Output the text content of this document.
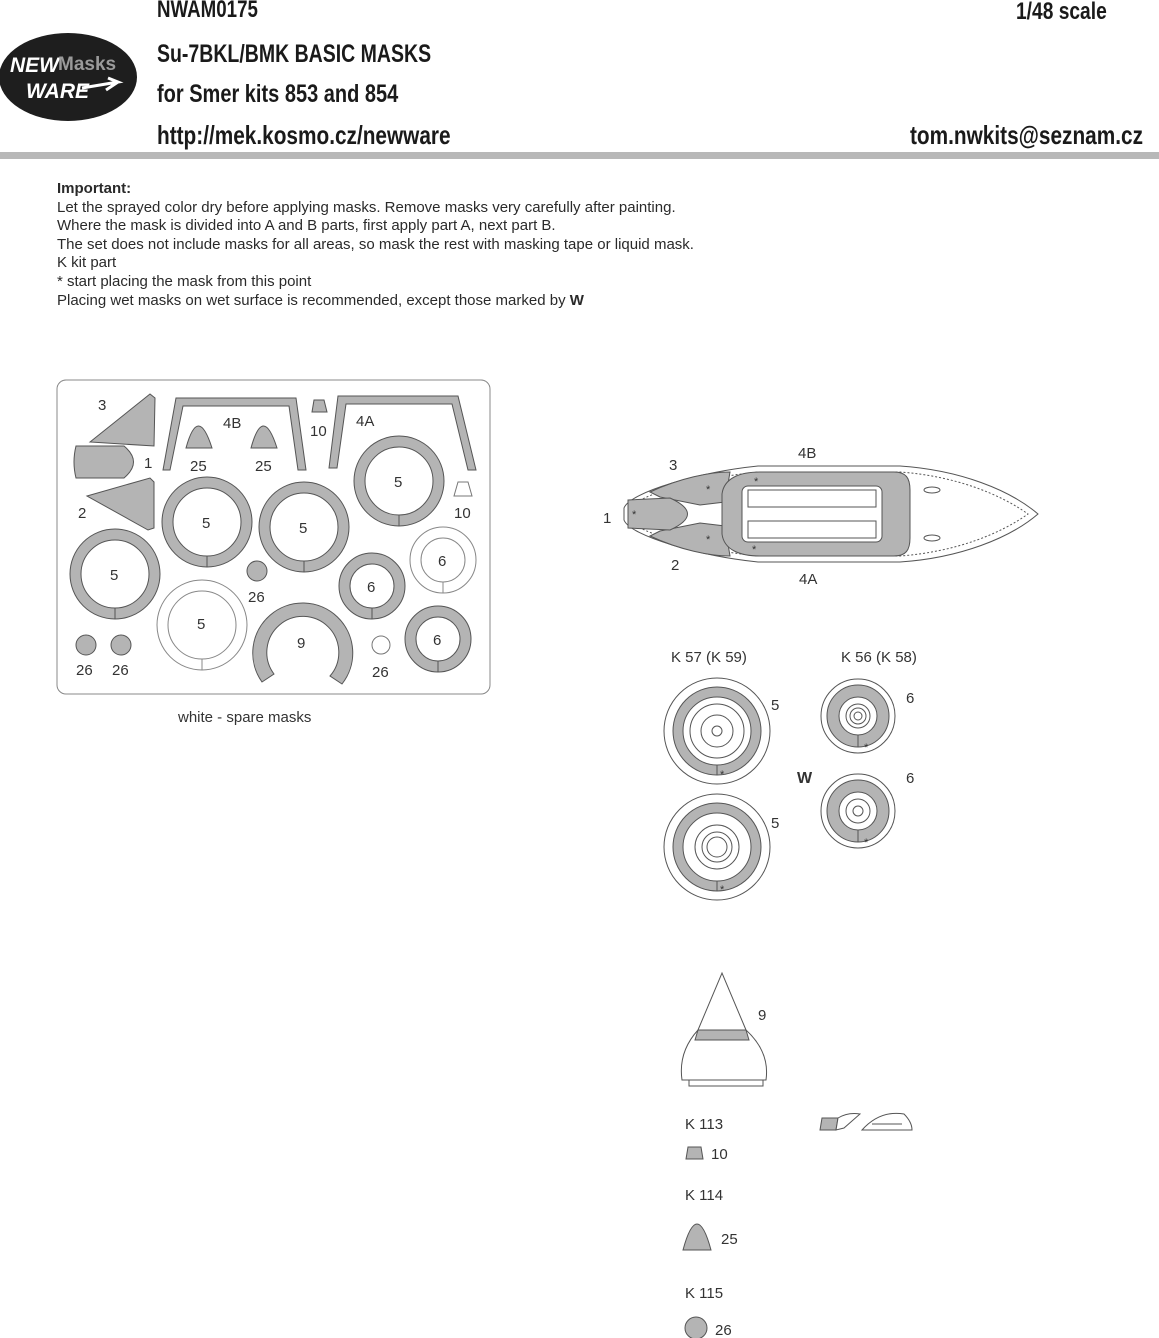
NEW Masks
WARE
NWAM0175	1/48 scale
Su-7BKL/BMK BASIC MASKS
for Smer kits 853 and 854
http://mek.kosmo.cz/newware	tom.nwkits@seznam.cz
Important:
Let the sprayed color dry before applying masks. Remove masks very carefully after painting.
Where the mask is divided into A and B parts, first apply part A, next part B.
The set does not include masks for all areas, so mask the rest with masking tape or liquid mask.
K kit part
* start placing the mask from this point
Placing wet masks on wet surface is recommended, except those marked by W
3
1
2
4B
25	25
10
4A
10
5
5	5
5
5
6
6
6
9
26
26 26	26
*
*
*
*
*
3
4B
1
2
4A
K 57 (K 59)	K 56 (K 58)
*
5
*
5
W
*
6
*
6
9
K 113
10
K 114
25
K 115
26
white - spare masks
